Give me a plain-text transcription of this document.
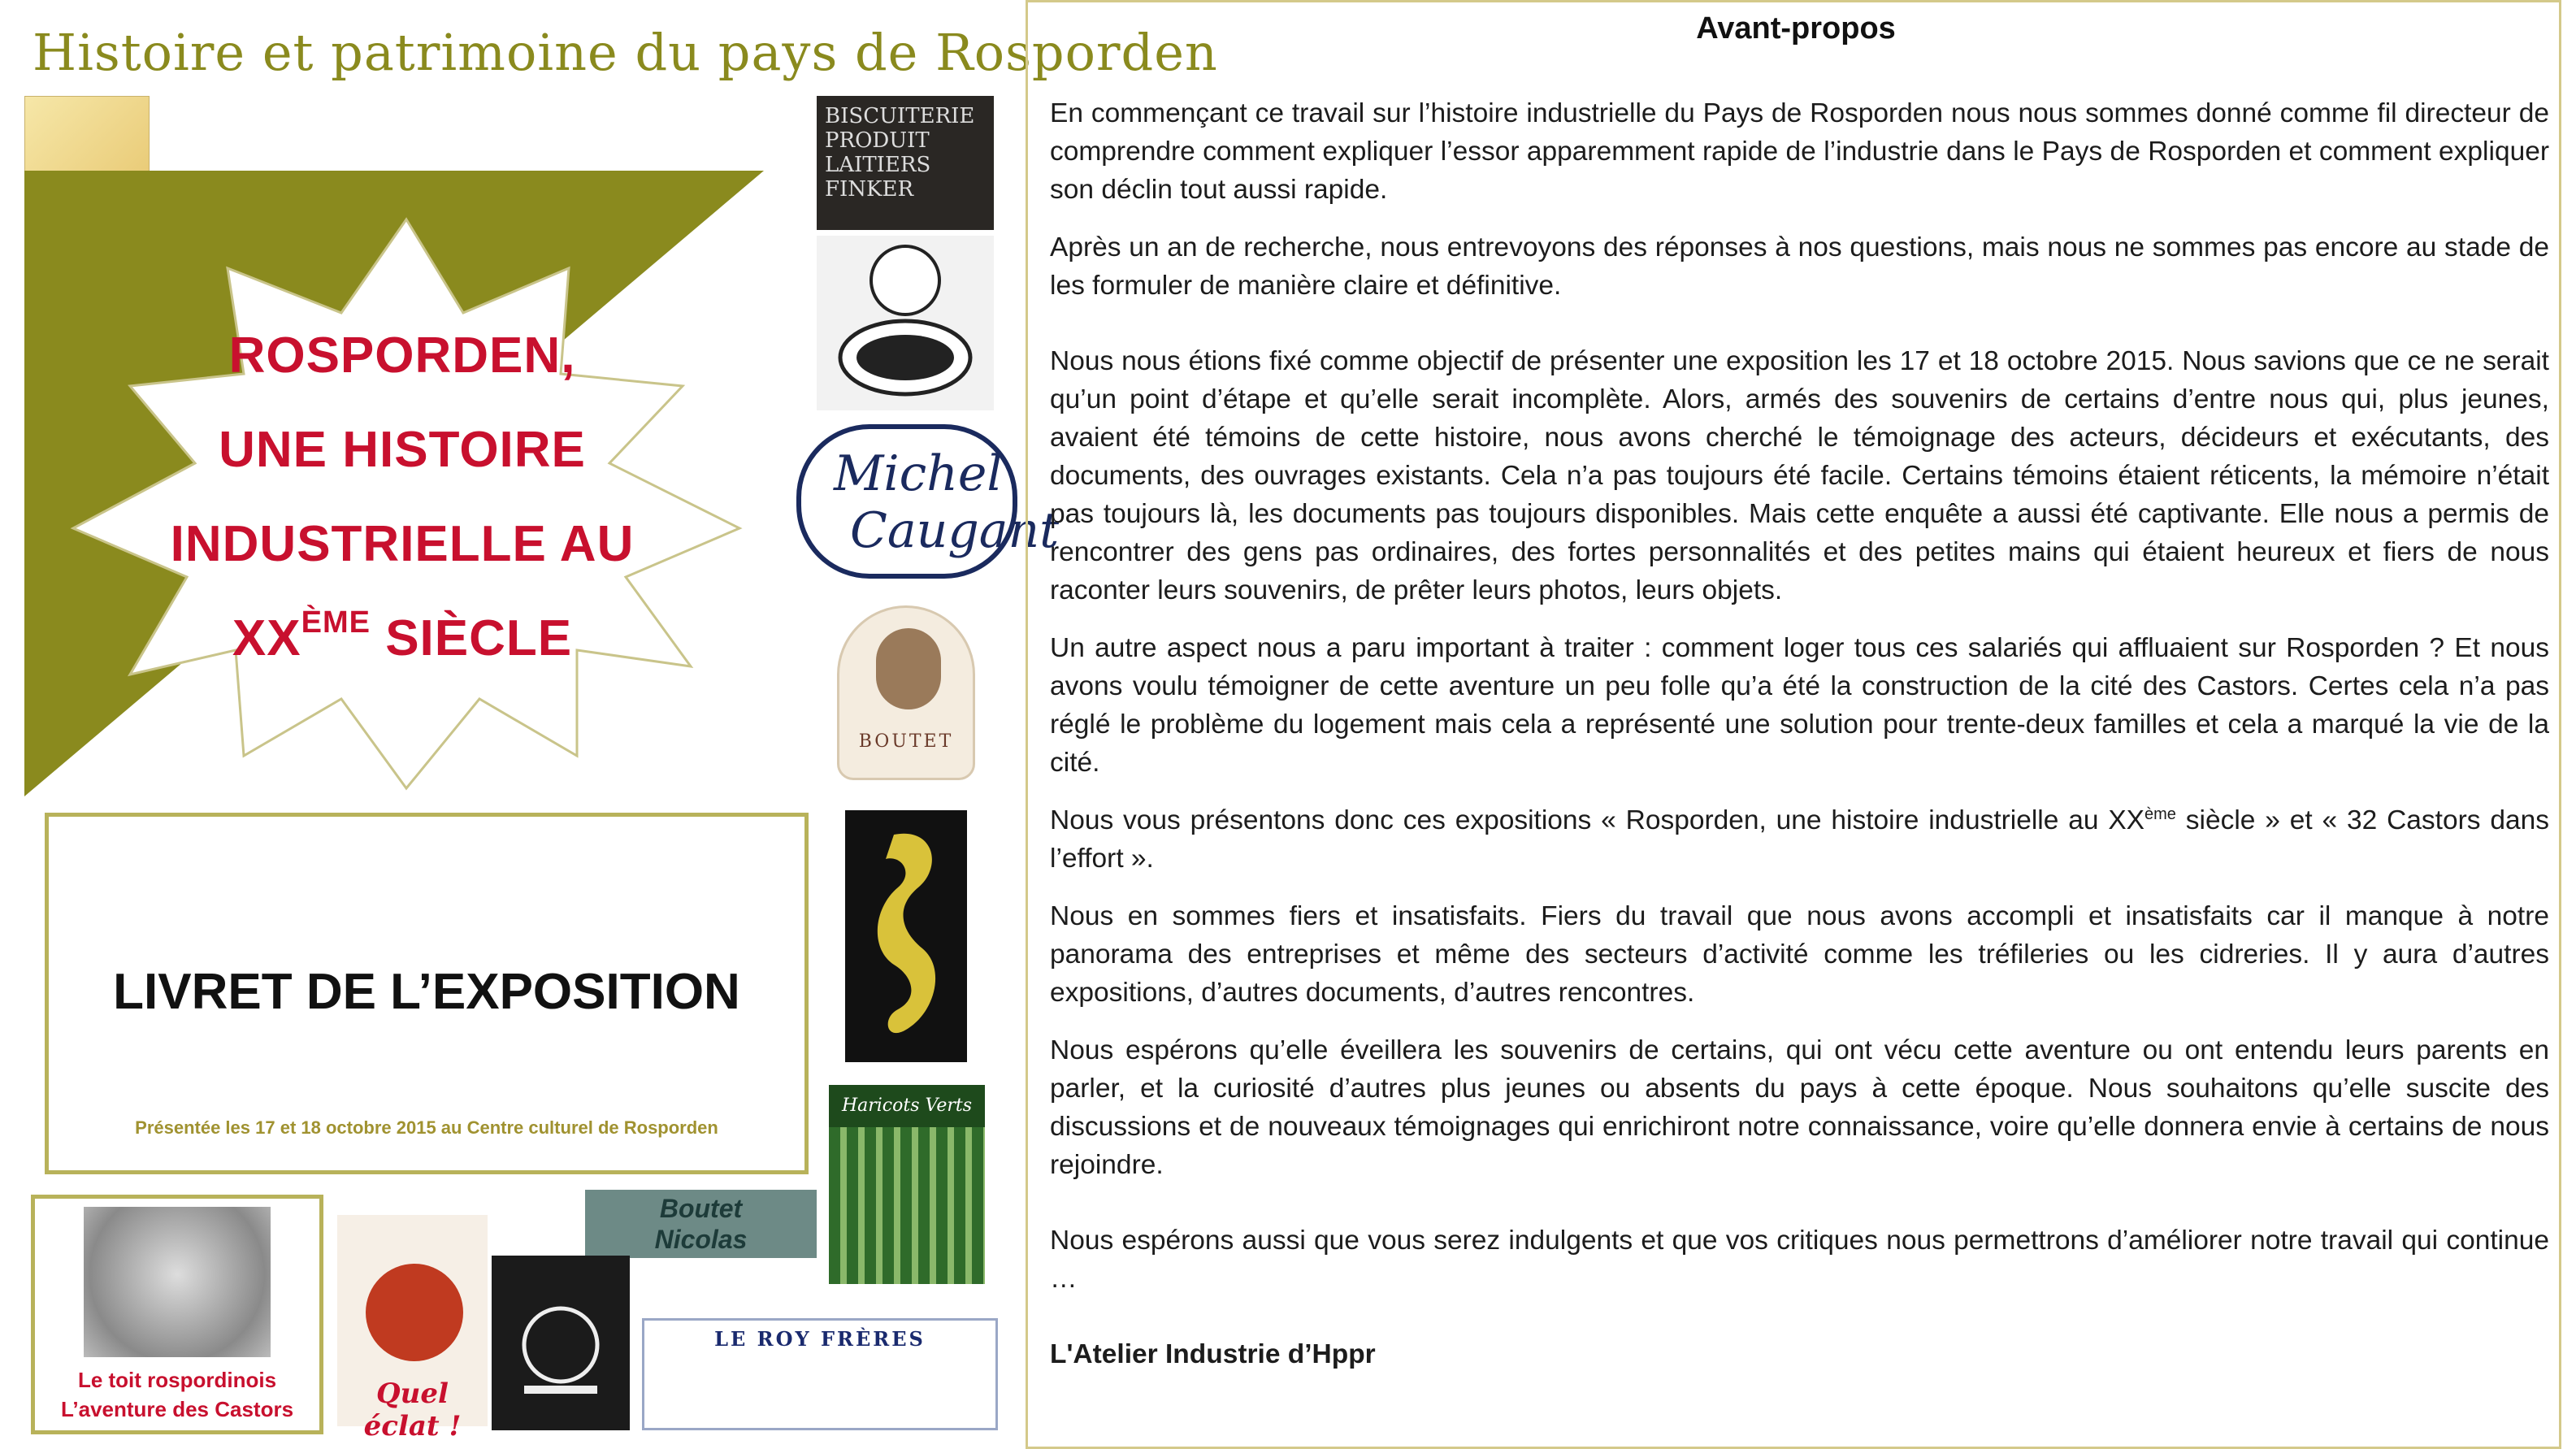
Histoire et patrimoine du pays de Rosporden
ROSPORDEN,
UNE HISTOIRE
INDUSTRIELLE AU
XXÈME SIÈCLE
LIVRET DE L’EXPOSITION
Présentée les 17 et 18 octobre 2015 au Centre culturel de Rosporden
Le toit rospordinois
L’aventure des Castors
BISCUITERIE PRODUIT LAITIERS FINKER
Michel
Caugant
BOUTET
Haricots Verts
Boutet
Nicolas
Quel éclat !
LE ROY FRÈRES
Avant-propos

En commençant ce travail sur l’histoire industrielle du Pays de Rosporden nous nous sommes donné comme fil directeur de comprendre comment expliquer l’essor apparemment rapide de l’industrie dans le Pays de Rosporden et comment expliquer son déclin tout aussi rapide.

Après un an de recherche, nous entrevoyons des réponses à nos questions, mais nous ne sommes pas encore au stade de les formuler de manière claire et définitive.

Nous nous étions fixé comme objectif de présenter une exposition les 17 et 18 octobre 2015. Nous savions que ce ne serait qu’un point d’étape et qu’elle serait incomplète. Alors, armés des souvenirs de certains d’entre nous qui, plus jeunes, avaient été témoins de cette histoire, nous avons cherché le témoignage des acteurs, décideurs et exécutants, des documents, des ouvrages existants. Cela n’a pas toujours été facile. Certains témoins étaient réticents, la mémoire n’était pas toujours là, les documents pas toujours disponibles. Mais cette enquête a aussi été captivante. Elle nous a permis de rencontrer des gens pas ordinaires, des fortes personnalités et des petites mains qui étaient heureux et fiers de nous raconter leurs souvenirs, de prêter leurs photos, leurs objets.

Un autre aspect nous a paru important à traiter : comment loger tous ces salariés qui affluaient sur Rosporden ? Et nous avons voulu témoigner de cette aventure un peu folle qu’a été la construction de la cité des Castors. Certes cela n’a pas réglé le problème du logement mais cela a représenté une solution pour trente-deux familles et cela a marqué la vie de la cité.

Nous vous présentons donc ces expositions « Rosporden, une histoire industrielle au XXème siècle » et « 32 Castors dans l’effort ».

Nous en sommes fiers et insatisfaits. Fiers du travail que nous avons accompli et insatisfaits car il manque à notre panorama des entreprises et même des secteurs d’activité comme les tréfileries ou les cidreries. Il y aura d’autres expositions, d’autres documents, d’autres rencontres.

Nous espérons qu’elle éveillera les souvenirs de certains, qui ont vécu cette aventure ou ont entendu leurs parents en parler, et la curiosité d’autres plus jeunes ou absents du pays à cette époque. Nous souhaitons qu’elle suscite des discussions et de nouveaux témoignages qui enrichiront notre connaissance, voire qu’elle donnera envie à certains de nous rejoindre.

Nous espérons aussi que vous serez indulgents et que vos critiques nous permettrons d’améliorer notre travail qui continue …

L'Atelier Industrie d’Hppr
